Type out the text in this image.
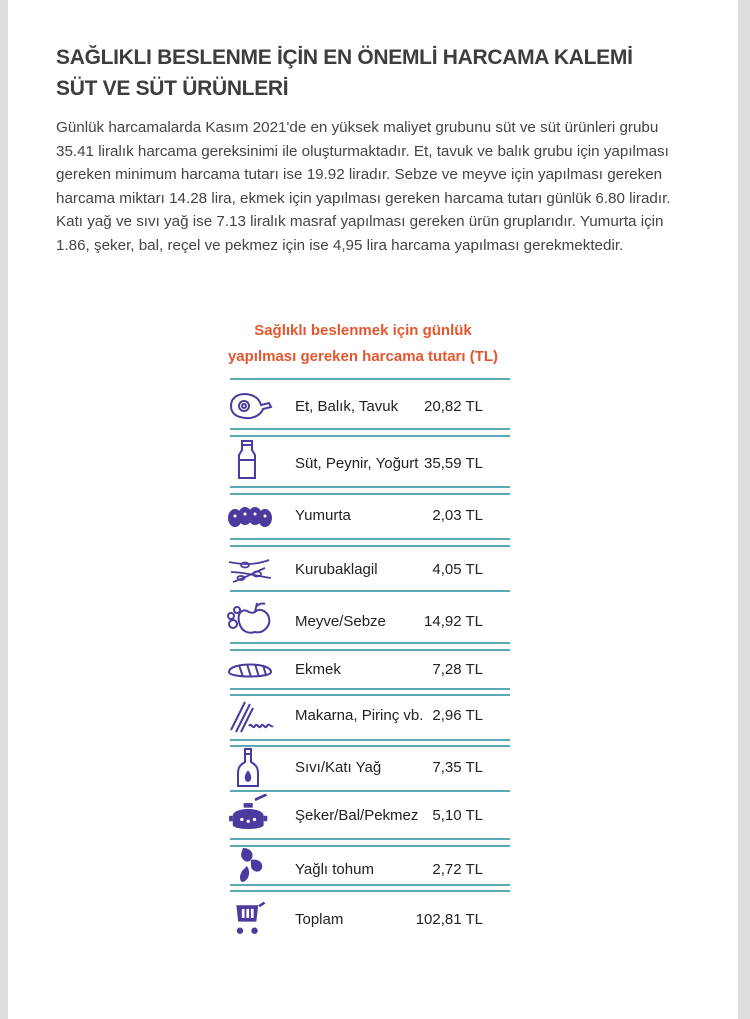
SAĞLIKLI BESLENME İÇİN EN ÖNEMLİ HARCAMA KALEMİ
SÜT VE SÜT ÜRÜNLERİ

Günlük harcamalarda Kasım 2021'de en yüksek maliyet grubunu süt ve süt ürünleri grubu 35.41 liralık harcama gereksinimi ile oluşturmaktadır. Et, tavuk ve balık grubu için yapılması gereken minimum harcama tutarı ise 19.92 liradır. Sebze ve meyve için yapılması gereken harcama miktarı 14.28 lira, ekmek için yapılması gereken harcama tutarı günlük 6.80 liradır. Katı yağ ve sıvı yağ ise 7.13 liralık masraf yapılması gereken ürün gruplarıdır. Yumurta için 1.86, şeker, bal, reçel ve pekmez için ise 4,95 lira harcama yapılması gerekmektedir.

Sağlıklı beslenmek için günlük
yapılması gereken harcama tutarı (TL)
Et, Balık, Tavuk 20,82 TL
Süt, Peynir, Yoğurt 35,59 TL
Yumurta	2,03 TL
Kurubaklagil	4,05 TL
Meyve/Sebze	14,92 TL
Ekmek	7,28 TL
Makarna, Pirinç vb. 2,96 TL
Sıvı/Katı Yağ	7,35 TL
Şeker/Bal/Pekmez 5,10 TL
Yağlı tohum	2,72 TL
Toplam	102,81 TL
